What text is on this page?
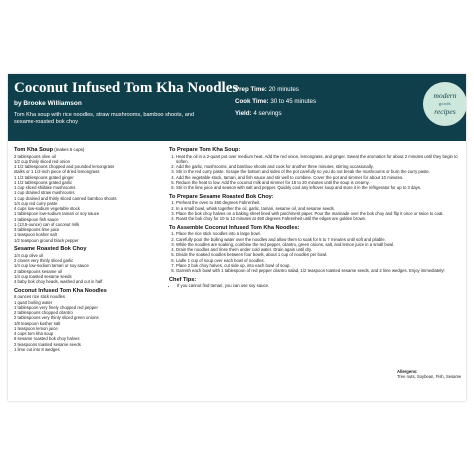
Coconut Infused Tom Kha Noodles
by Brooke Williamson
Tom Kha soup with rice noodles, straw mushrooms, bamboo shoots, and sesame-roasted bok choy
Prep Time: 20 minutes
Cook Time: 30 to 45 minutes
Yield: 4 servings
modern
goods
recipes
Tom Kha Soup (makes 6 cups)
2 tablespoons olive oil
1/2 cup thinly sliced red onion
1 1/2 tablespoons chopped and pounded lemongrass
stalks or 1 1/2-inch piece of dried lemongrass
1 1/2 tablespoons grated ginger
1 1/2 tablespoons grated garlic
1 cup sliced shiitake mushrooms
1 cup drained straw mushrooms
1 cup drained and thinly sliced canned bamboo shoots
1/4 cup red curry paste
4 cups low-sodium vegetable stock
1 tablespoon low-sodium tamari or soy sauce
1 tablespoon fish sauce
1 (13.5-ounce) can of coconut milk
3 tablespoons lime juice
1 teaspoon kosher salt
1/2 teaspoon ground black pepper
Sesame Roasted Bok Choy
1/4 cup olive oil
2 cloves very thinly sliced garlic
1/4 cup low-sodium tamari or soy sauce
2 tablespoons sesame oil
1/4 cup toasted sesame seeds
4 baby bok choy heads, washed and cut in half
Coconut Infused Tom Kha Noodles
6 ounces rice stick noodles
1 quart boiling water
1 tablespoon very finely chopped red pepper
2 tablespoons chopped cilantro
2 tablespoons very thinly sliced green onions
1/8 teaspoon kosher salt
1 teaspoon lemon juice
4 cups tom kha soup
8 sesame roasted bok choy halves
2 teaspoons toasted sesame seeds
1 lime cut into 8 wedges
To Prepare Tom Kha Soup:
1. Heat the oil in a 2-quart pot over medium heat. Add the red onion, lemongrass, and ginger. Sweat the aromatics for about 2 minutes until they begin to soften.
2. Add the garlic, mushrooms, and bamboo shoots and cook for another three minutes, stirring occasionally.
3. Stir in the red curry paste. Scrape the bottom and sides of the pot carefully so you do not break the mushrooms or burn the curry paste.
4. Add the vegetable stock, tamari, and fish sauce and stir well to combine. Cover the pot and simmer for about 10 minutes.
5. Reduce the heat to low. Add the coconut milk and simmer for 15 to 20 minutes until the soup is creamy.
6. Stir in the lime juice and season with salt and pepper. Quickly cool any leftover soup and store it in the refrigerator for up to 3 days.
To Prepare Sesame Roasted Bok Choy:
1. Preheat the oven to 450 degrees Fahrenheit.
2. In a small bowl, whisk together the oil, garlic, tamari, sesame oil, and sesame seeds.
3. Place the bok choy halves on a baking sheet lined with parchment paper. Pour the marinade over the bok choy and flip it once or twice to coat.
4. Roast the bok choy for 10 to 12 minutes at 450 degrees Fahrenheit until the edges are golden brown.
To Assemble Coconut Infused Tom Kha Noodles:
1. Place the rice stick noodles into a large bowl.
2. Carefully pour the boiling water over the noodles and allow them to soak for 5 to 7 minutes until soft and pliable.
3. While the noodles are soaking, combine the red pepper, cilantro, green onions, salt, and lemon juice in a small bowl.
4. Drain the noodles and rinse them under cold water. Drain again until dry.
5. Divide the soaked noodles between four bowls, about 1 cup of noodles per bowl.
6. Ladle 1 cup of soup over each bowl of noodles.
7. Place 2 bok choy halves, cut side up, into each bowl of soup.
8. Garnish each bowl with 1 tablespoon of red pepper cilantro salad, 1/2 teaspoon toasted sesame seeds, and 2 lime wedges. Enjoy immediately!
Chef Tips:
• If you cannot find tamari, you can use soy sauce.
Allergens:
Tree nuts, Soybean, Fish, Sesame
